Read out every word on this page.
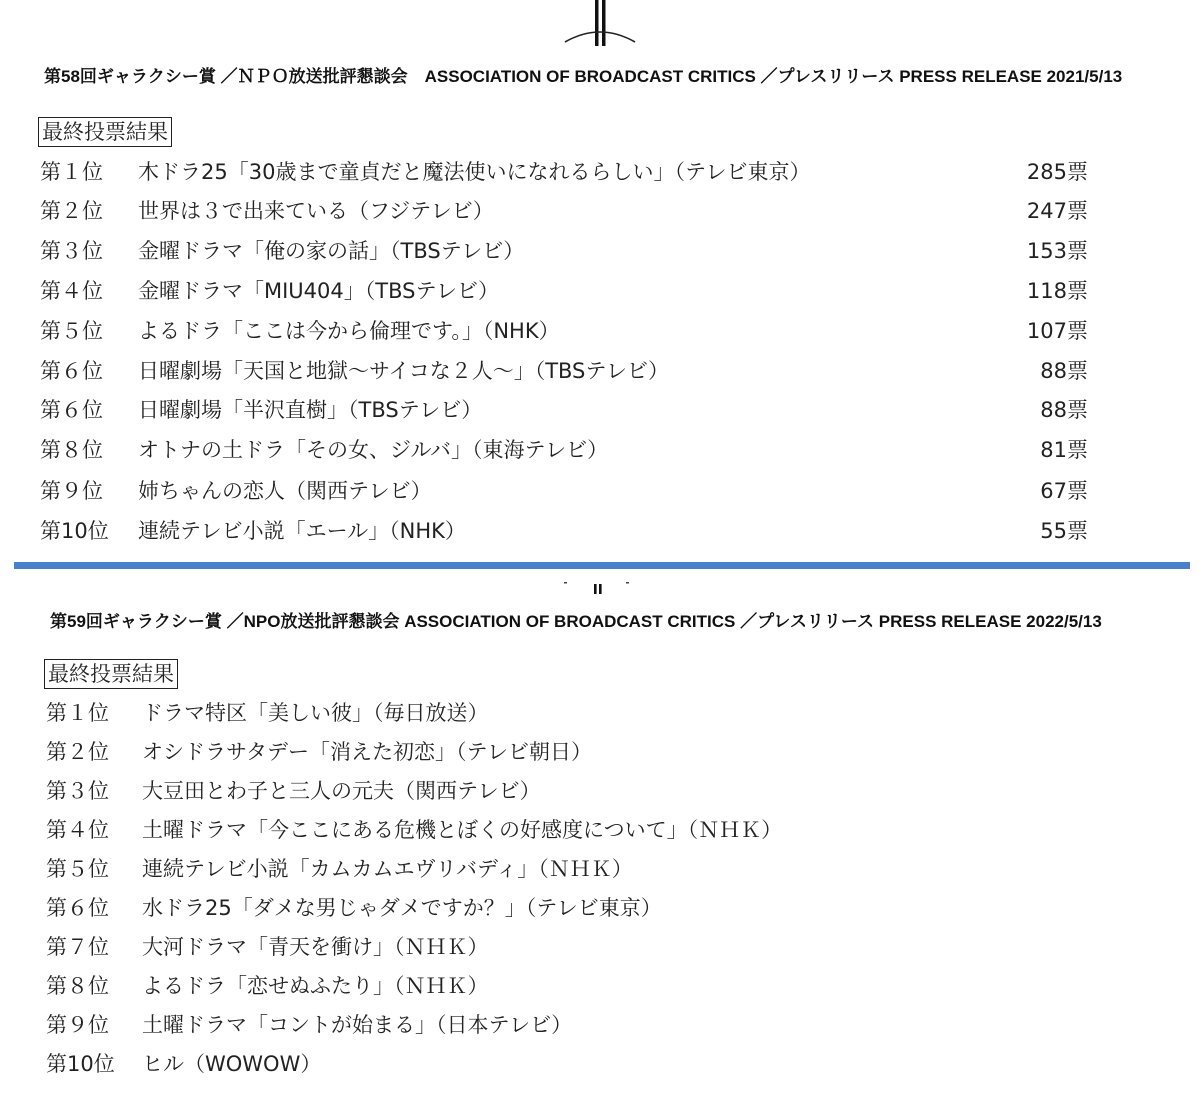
第58回ギャラクシー賞 ／ＮＰＯ放送批評懇談会　ASSOCIATION OF BROADCAST CRITICS ／プレスリリース PRESS RELEASE 2021/5/13
最終投票結果
第１位 木ドラ25「30歳まで童貞だと魔法使いになれるらしい」（テレビ東京）	285票
第２位 世界は３で出来ている（フジテレビ）	247票
第３位 金曜ドラマ「俺の家の話」（TBSテレビ）	153票
第４位 金曜ドラマ「MIU404」（TBSテレビ）	118票
第５位 よるドラ「ここは今から倫理です。」（NHK）	107票
第６位 日曜劇場「天国と地獄～サイコな２人～」（TBSテレビ）	88票
第６位 日曜劇場「半沢直樹」（TBSテレビ）	88票
第８位 オトナの土ドラ「その女、ジルバ」（東海テレビ）	81票
第９位 姉ちゃんの恋人（関西テレビ）	67票
第10位 連続テレビ小説「エール」（NHK）	55票
第59回ギャラクシー賞 ／NPO放送批評懇談会 ASSOCIATION OF BROADCAST CRITICS ／プレスリリース PRESS RELEASE 2022/5/13
最終投票結果
第１位 ドラマ特区「美しい彼」（毎日放送）
第２位 オシドラサタデー「消えた初恋」（テレビ朝日）
第３位 大豆田とわ子と三人の元夫（関西テレビ）
第４位 土曜ドラマ「今ここにある危機とぼくの好感度について」（ＮＨＫ）
第５位 連続テレビ小説「カムカムエヴリバディ」（ＮＨＫ）
第６位 水ドラ25「ダメな男じゃダメですか？」（テレビ東京）
第７位 大河ドラマ「青天を衝け」（ＮＨＫ）
第８位 よるドラ「恋せぬふたり」（ＮＨＫ）
第９位 土曜ドラマ「コントが始まる」（日本テレビ）
第10位 ヒル（WOWOW）
